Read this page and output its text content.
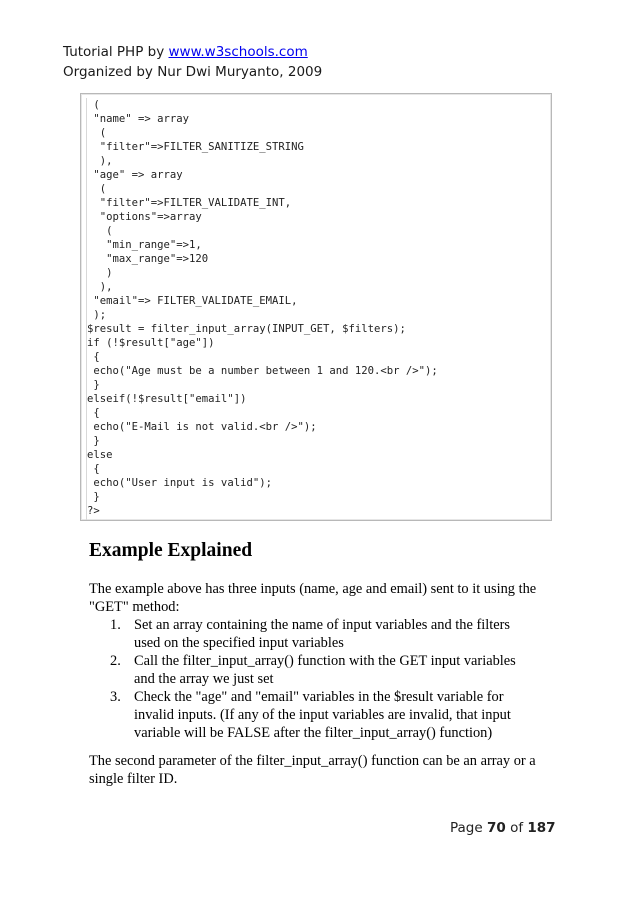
Tutorial PHP by www.w3schools.com
Organized by Nur Dwi Muryanto, 2009
(
"name" => array
(
"filter"=>FILTER_SANITIZE_STRING
),
"age" => array
(
"filter"=>FILTER_VALIDATE_INT,
"options"=>array
(
"min_range"=>1,
"max_range"=>120
)
),
"email"=> FILTER_VALIDATE_EMAIL,
);
$result = filter_input_array(INPUT_GET, $filters);
if (!$result["age"])
{
echo("Age must be a number between 1 and 120.<br />");
}
elseif(!$result["email"])
{
echo("E-Mail is not valid.<br />");
}
else
{
echo("User input is valid");
}
?>
Example Explained

The example above has three inputs (name, age and email) sent to it using the "GET" method:

1. Set an array containing the name of input variables and the filters used on the specified input variables
2. Call the filter_input_array() function with the GET input variables and the array we just set
3. Check the "age" and "email" variables in the $result variable for invalid inputs. (If any of the input variables are invalid, that input variable will be FALSE after the filter_input_array() function)

The second parameter of the filter_input_array() function can be an array or a single filter ID.

Page 70 of 187
